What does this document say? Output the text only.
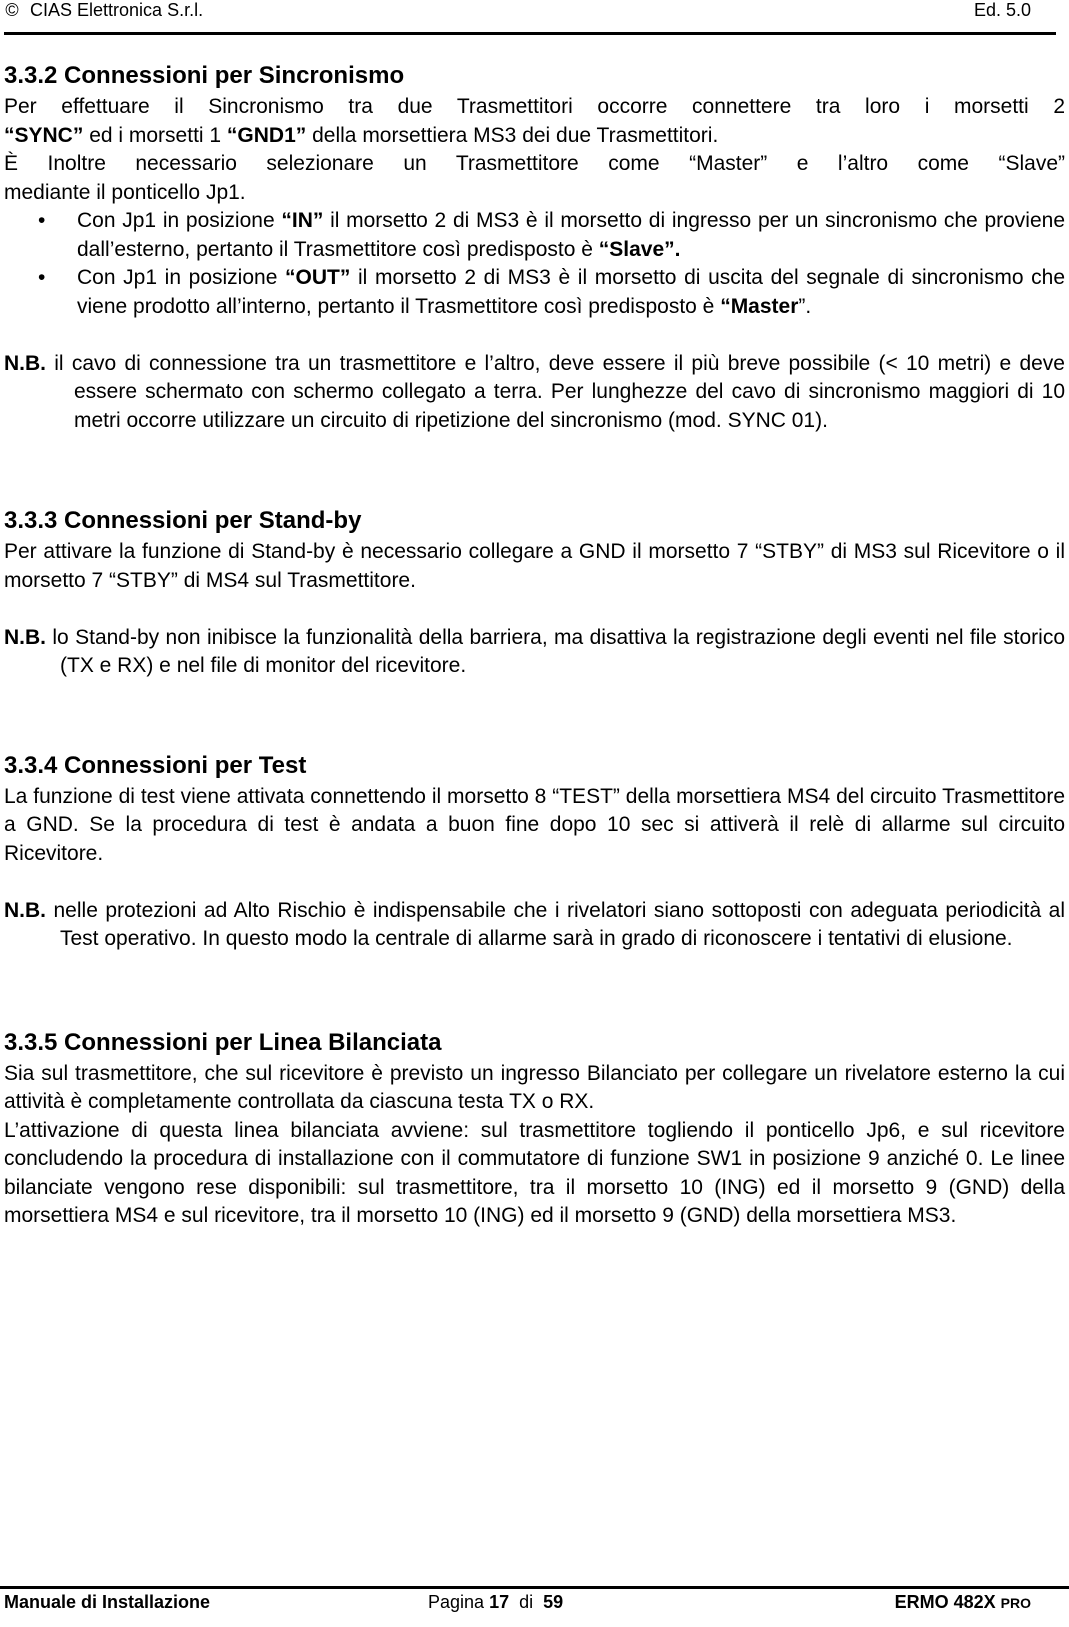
© CIAS Elettronica S.r.l.	Ed. 5.0
3.3.2 Connessioni per Sincronismo

Per effettuare il Sincronismo tra due Trasmettitori occorre connettere tra loro i morsetti 2

“SYNC” ed i morsetti 1 “GND1” della morsettiera MS3 dei due Trasmettitori.

È Inoltre necessario selezionare un Trasmettitore come “Master” e l’altro come “Slave”

mediante il ponticello Jp1.

• Con Jp1 in posizione “IN” il morsetto 2 di MS3 è il morsetto di ingresso per un sincronismo che proviene dall’esterno, pertanto il Trasmettitore così predisposto è “Slave”.
• Con Jp1 in posizione “OUT” il morsetto 2 di MS3 è il morsetto di uscita del segnale di sincronismo che viene prodotto all’interno, pertanto il Trasmettitore così predisposto è “Master”.

N.B. il cavo di connessione tra un trasmettitore e l’altro, deve essere il più breve possibile (< 10 metri) e deve essere schermato con schermo collegato a terra. Per lunghezze del cavo di sincronismo maggiori di 10 metri occorre utilizzare un circuito di ripetizione del sincronismo (mod. SYNC 01).

3.3.3 Connessioni per Stand-by

Per attivare la funzione di Stand-by è necessario collegare a GND il morsetto 7 “STBY” di MS3 sul Ricevitore o il morsetto 7 “STBY” di MS4 sul Trasmettitore.

N.B. lo Stand-by non inibisce la funzionalità della barriera, ma disattiva la registrazione degli eventi nel file storico (TX e RX) e nel file di monitor del ricevitore.

3.3.4 Connessioni per Test

La funzione di test viene attivata connettendo il morsetto 8 “TEST” della morsettiera MS4 del circuito Trasmettitore a GND. Se la procedura di test è andata a buon fine dopo 10 sec si attiverà il relè di allarme sul circuito Ricevitore.

N.B. nelle protezioni ad Alto Rischio è indispensabile che i rivelatori siano sottoposti con adeguata periodicità al Test operativo. In questo modo la centrale di allarme sarà in grado di riconoscere i tentativi di elusione.

3.3.5 Connessioni per Linea Bilanciata

Sia sul trasmettitore, che sul ricevitore è previsto un ingresso Bilanciato per collegare un rivelatore esterno la cui attività è completamente controllata da ciascuna testa TX o RX.

L’attivazione di questa linea bilanciata avviene: sul trasmettitore togliendo il ponticello Jp6, e sul ricevitore concludendo la procedura di installazione con il commutatore di funzione SW1 in posizione 9 anziché 0. Le linee bilanciate vengono rese disponibili: sul trasmettitore, tra il morsetto 10 (ING) ed il morsetto 9 (GND) della morsettiera MS4 e sul ricevitore, tra il morsetto 10 (ING) ed il morsetto 9 (GND) della morsettiera MS3.

Manuale di Installazione	Pagina 17 di 59	ERMO 482X PRO
